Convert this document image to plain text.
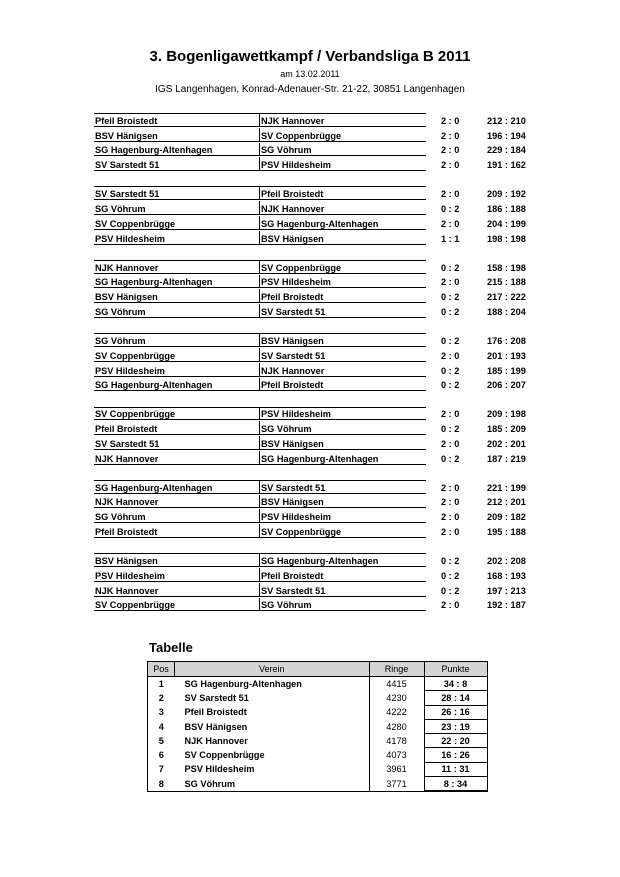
3. Bogenligawettkampf / Verbandsliga B 2011
am 13.02.2011
IGS Langenhagen, Konrad-Adenauer-Str. 21-22, 30851 Langenhagen
Pfeil Broistedt	NJK Hannover	2 : 0	212 : 210
BSV Hänigsen	SV Coppenbrügge	2 : 0	196 : 194
SG Hagenburg-Altenhagen	SG Vöhrum	2 : 0	229 : 184
SV Sarstedt 51	PSV Hildesheim	2 : 0	191 : 162
SV Sarstedt 51	Pfeil Broistedt	2 : 0	209 : 192
SG Vöhrum	NJK Hannover	0 : 2	186 : 188
SV Coppenbrügge	SG Hagenburg-Altenhagen	2 : 0	204 : 199
PSV Hildesheim	BSV Hänigsen	1 : 1	198 : 198
NJK Hannover	SV Coppenbrügge	0 : 2	158 : 198
SG Hagenburg-Altenhagen	PSV Hildesheim	2 : 0	215 : 188
BSV Hänigsen	Pfeil Broistedt	0 : 2	217 : 222
SG Vöhrum	SV Sarstedt 51	0 : 2	188 : 204
SG Vöhrum	BSV Hänigsen	0 : 2	176 : 208
SV Coppenbrügge	SV Sarstedt 51	2 : 0	201 : 193
PSV Hildesheim	NJK Hannover	0 : 2	185 : 199
SG Hagenburg-Altenhagen	Pfeil Broistedt	0 : 2	206 : 207
SV Coppenbrügge	PSV Hildesheim	2 : 0	209 : 198
Pfeil Broistedt	SG Vöhrum	0 : 2	185 : 209
SV Sarstedt 51	BSV Hänigsen	2 : 0	202 : 201
NJK Hannover	SG Hagenburg-Altenhagen	0 : 2	187 : 219
SG Hagenburg-Altenhagen	SV Sarstedt 51	2 : 0	221 : 199
NJK Hannover	BSV Hänigsen	2 : 0	212 : 201
SG Vöhrum	PSV Hildesheim	2 : 0	209 : 182
Pfeil Broistedt	SV Coppenbrügge	2 : 0	195 : 188
BSV Hänigsen	SG Hagenburg-Altenhagen	0 : 2	202 : 208
PSV Hildesheim	Pfeil Broistedt	0 : 2	168 : 193
NJK Hannover	SV Sarstedt 51	0 : 2	197 : 213
SV Coppenbrügge	SG Vöhrum	2 : 0	192 : 187
Tabelle
Pos	Verein	Ringe	Punkte
1	SG Hagenburg-Altenhagen	4415	34 : 8
2	SV Sarstedt 51	4230	28 : 14
3	Pfeil Broistedt	4222	26 : 16
4	BSV Hänigsen	4280	23 : 19
5	NJK Hannover	4178	22 : 20
6	SV Coppenbrügge	4073	16 : 26
7	PSV Hildesheim	3961	11 : 31
8	SG Vöhrum	3771	8 : 34
